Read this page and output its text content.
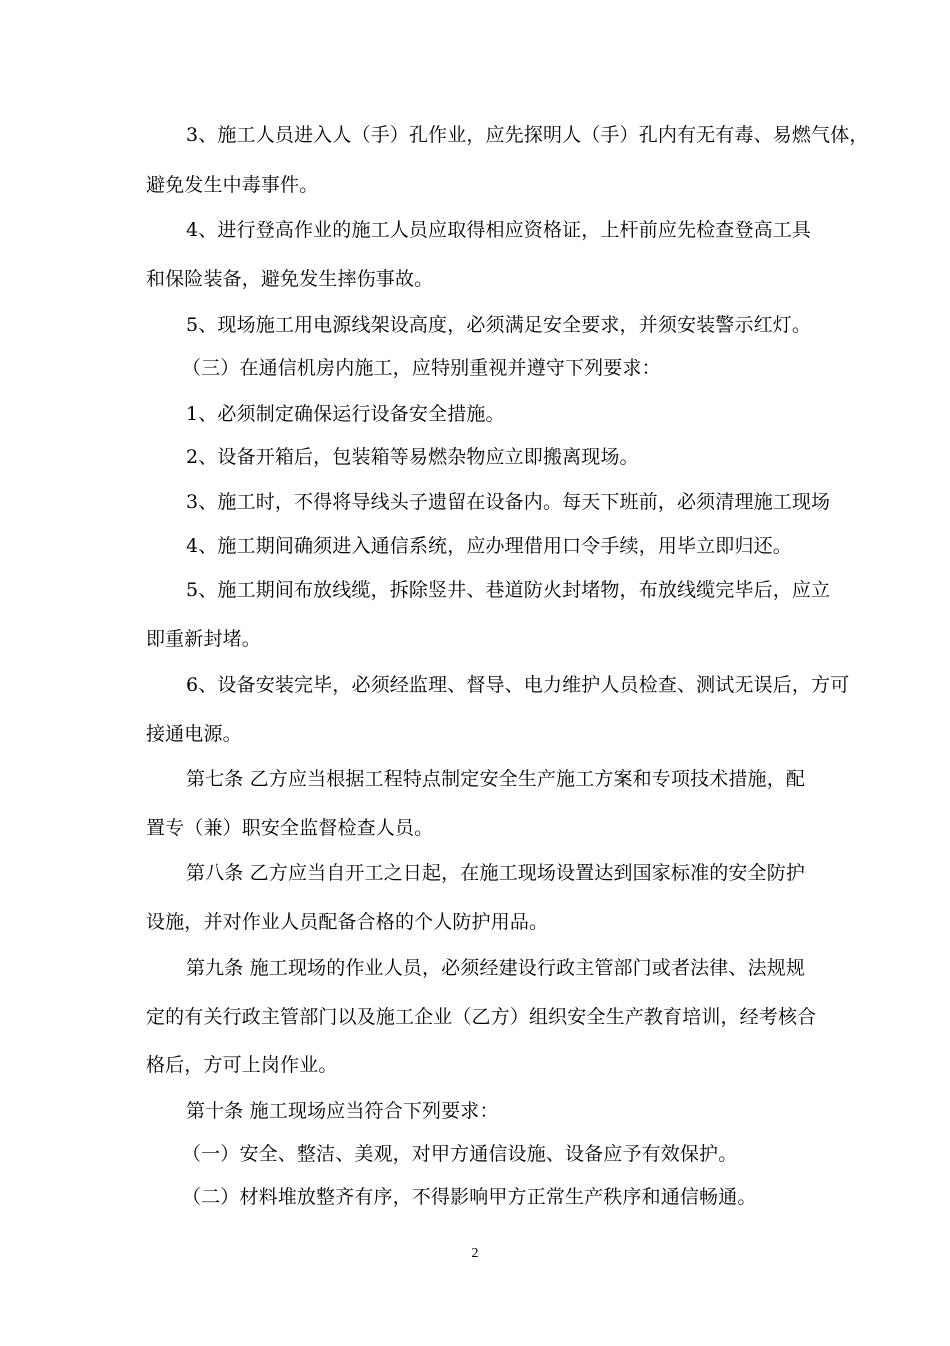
3、施工人员进入人（手）孔作业，应先探明人（手）孔内有无有毒、易燃气体，
避免发生中毒事件。
4、进行登高作业的施工人员应取得相应资格证，上杆前应先检查登高工具
和保险装备，避免发生摔伤事故。
5、现场施工用电源线架设高度，必须满足安全要求，并须安装警示红灯。
（三）在通信机房内施工，应特别重视并遵守下列要求：
1、必须制定确保运行设备安全措施。
2、设备开箱后，包装箱等易燃杂物应立即搬离现场。
3、施工时，不得将导线头子遗留在设备内。每天下班前，必须清理施工现场
4、施工期间确须进入通信系统，应办理借用口令手续，用毕立即归还。
5、施工期间布放线缆，拆除竖井、巷道防火封堵物，布放线缆完毕后，应立
即重新封堵。
6、设备安装完毕，必须经监理、督导、电力维护人员检查、测试无误后，方可
接通电源。
第七条 乙方应当根据工程特点制定安全生产施工方案和专项技术措施，配
置专（兼）职安全监督检查人员。
第八条 乙方应当自开工之日起，在施工现场设置达到国家标准的安全防护
设施，并对作业人员配备合格的个人防护用品。
第九条 施工现场的作业人员，必须经建设行政主管部门或者法律、法规规
定的有关行政主管部门以及施工企业（乙方）组织安全生产教育培训，经考核合
格后，方可上岗作业。
第十条 施工现场应当符合下列要求：
（一）安全、整洁、美观，对甲方通信设施、设备应予有效保护。
（二）材料堆放整齐有序，不得影响甲方正常生产秩序和通信畅通。
2
